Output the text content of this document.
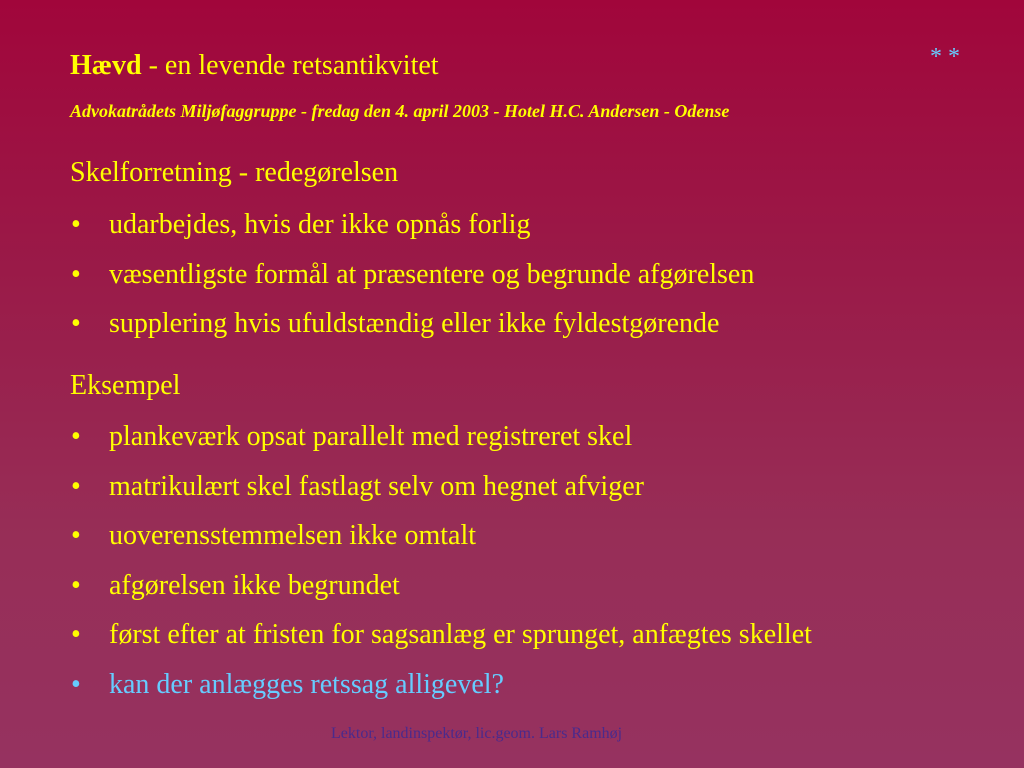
Hævd - en levende retsantikvitet	* *
Advokatrådets Miljøfaggruppe - fredag den 4. april 2003 - Hotel H.C. Andersen - Odense
Skelforretning - redegørelsen
• udarbejdes, hvis der ikke opnås forlig
• væsentligste formål at præsentere og begrunde afgørelsen
• supplering hvis ufuldstændig eller ikke fyldestgørende
Eksempel
• plankeværk opsat parallelt med registreret skel
• matrikulært skel fastlagt selv om hegnet afviger
• uoverensstemmelsen ikke omtalt
• afgørelsen ikke begrundet
• først efter at fristen for sagsanlæg er sprunget, anfægtes skellet
• kan der anlægges retssag alligevel?
Lektor, landinspektør, lic.geom. Lars Ramhøj
